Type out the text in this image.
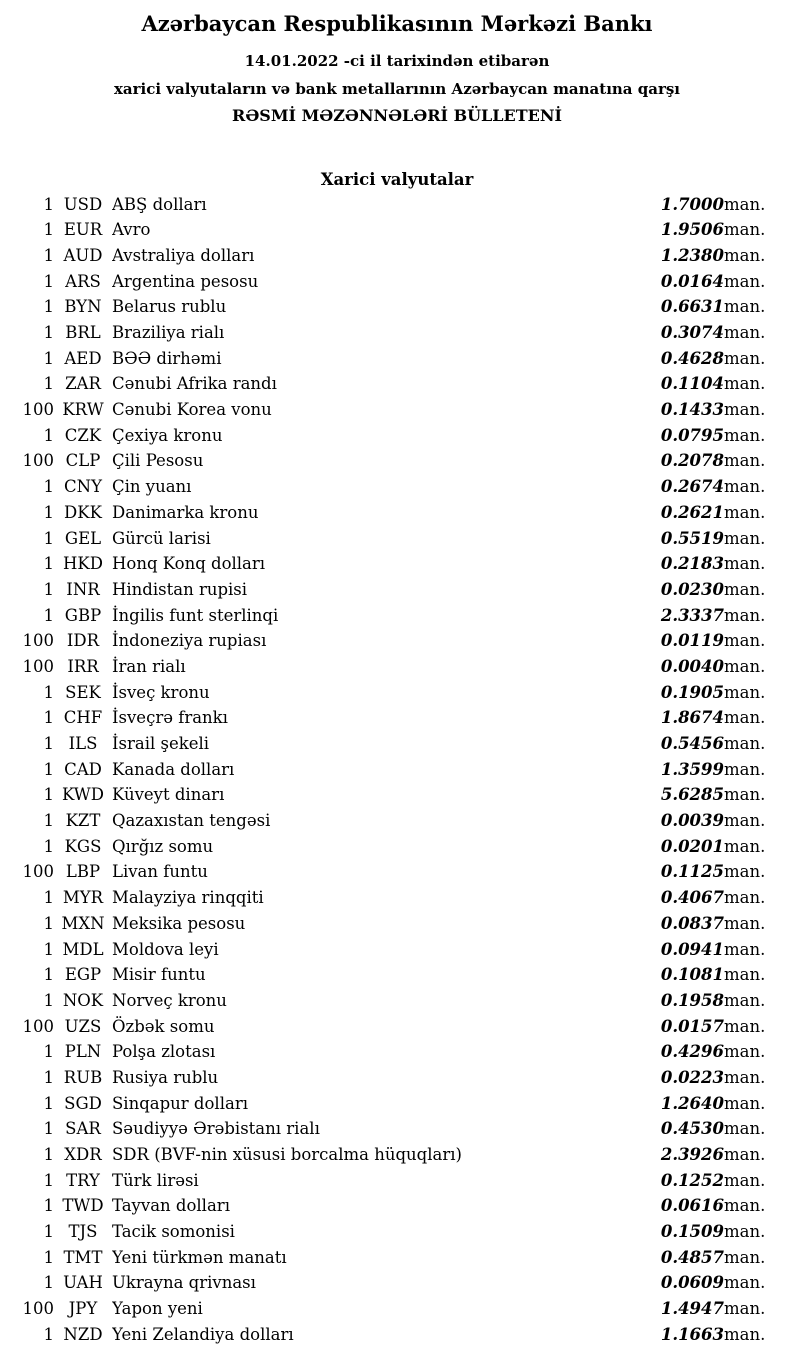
Azərbaycan Respublikasının Mərkəzi Bankı
14.01.2022 -ci il tarixindən etibarən
xarici valyutaların və bank metallarının Azərbaycan manatına qarşı
RƏSMİ MƏZƏNNƏLƏRİ BÜLLETENİ
Xarici valyutalar
1	USD	ABŞ dolları	1.7000	man.
1	EUR	Avro	1.9506	man.
1	AUD	Avstraliya dolları	1.2380	man.
1	ARS	Argentina pesosu	0.0164	man.
1	BYN	Belarus rublu	0.6631	man.
1	BRL	Braziliya rialı	0.3074	man.
1	AED	BƏƏ dirhəmi	0.4628	man.
1	ZAR	Cənubi Afrika randı	0.1104	man.
100	KRW	Cənubi Korea vonu	0.1433	man.
1	CZK	Çexiya kronu	0.0795	man.
100	CLP	Çili Pesosu	0.2078	man.
1	CNY	Çin yuanı	0.2674	man.
1	DKK	Danimarka kronu	0.2621	man.
1	GEL	Gürcü larisi	0.5519	man.
1	HKD	Honq Konq dolları	0.2183	man.
1	INR	Hindistan rupisi	0.0230	man.
1	GBP	İngilis funt sterlinqi	2.3337	man.
100	IDR	İndoneziya rupiası	0.0119	man.
100	IRR	İran rialı	0.0040	man.
1	SEK	İsveç kronu	0.1905	man.
1	CHF	İsveçrə frankı	1.8674	man.
1	ILS	İsrail şekeli	0.5456	man.
1	CAD	Kanada dolları	1.3599	man.
1	KWD	Küveyt dinarı	5.6285	man.
1	KZT	Qazaxıstan tengəsi	0.0039	man.
1	KGS	Qırğız somu	0.0201	man.
100	LBP	Livan funtu	0.1125	man.
1	MYR	Malayziya rinqqiti	0.4067	man.
1	MXN	Meksika pesosu	0.0837	man.
1	MDL	Moldova leyi	0.0941	man.
1	EGP	Misir funtu	0.1081	man.
1	NOK	Norveç kronu	0.1958	man.
100	UZS	Özbək somu	0.0157	man.
1	PLN	Polşa zlotası	0.4296	man.
1	RUB	Rusiya rublu	0.0223	man.
1	SGD	Sinqapur dolları	1.2640	man.
1	SAR	Səudiyyə Ərəbistanı rialı	0.4530	man.
1	XDR	SDR (BVF-nin xüsusi borcalma hüquqları)	2.3926	man.
1	TRY	Türk lirəsi	0.1252	man.
1	TWD	Tayvan dolları	0.0616	man.
1	TJS	Tacik somonisi	0.1509	man.
1	TMT	Yeni türkmən manatı	0.4857	man.
1	UAH	Ukrayna qrivnası	0.0609	man.
100	JPY	Yapon yeni	1.4947	man.
1	NZD	Yeni Zelandiya dolları	1.1663	man.
